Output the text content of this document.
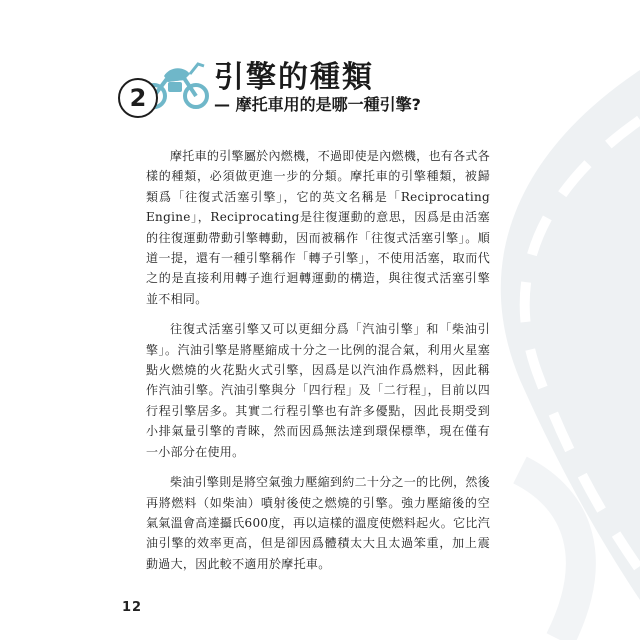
2
引擎的種類
— 摩托車用的是哪一種引擎?

摩托車的引擎屬於內燃機，不過即使是內燃機，也有各式各樣的種類，必須做更進一步的分類。摩托車的引擎種類，被歸類爲「往復式活塞引擎」，它的英文名稱是「Reciprocating Engine」，Reciprocating是往復運動的意思，因爲是由活塞的往復運動帶動引擎轉動，因而被稱作「往復式活塞引擎」。順道一提，還有一種引擎稱作「轉子引擎」，不使用活塞，取而代之的是直接利用轉子進行迴轉運動的構造，與往復式活塞引擎並不相同。

往復式活塞引擎又可以更細分爲「汽油引擎」和「柴油引擎」。汽油引擎是將壓縮成十分之一比例的混合氣，利用火星塞點火燃燒的火花點火式引擎，因爲是以汽油作爲燃料，因此稱作汽油引擎。汽油引擎與分「四行程」及「二行程」，目前以四行程引擎居多。其實二行程引擎也有許多優點，因此長期受到小排氣量引擎的青睞，然而因爲無法達到環保標準，現在僅有一小部分在使用。

柴油引擎則是將空氣強力壓縮到約二十分之一的比例，然後再將燃料（如柴油）噴射後使之燃燒的引擎。強力壓縮後的空氣氣溫會高達攝氏600度，再以這樣的溫度使燃料起火。它比汽油引擎的效率更高，但是卻因爲體積太大且太過笨重，加上震動過大，因此較不適用於摩托車。

12
